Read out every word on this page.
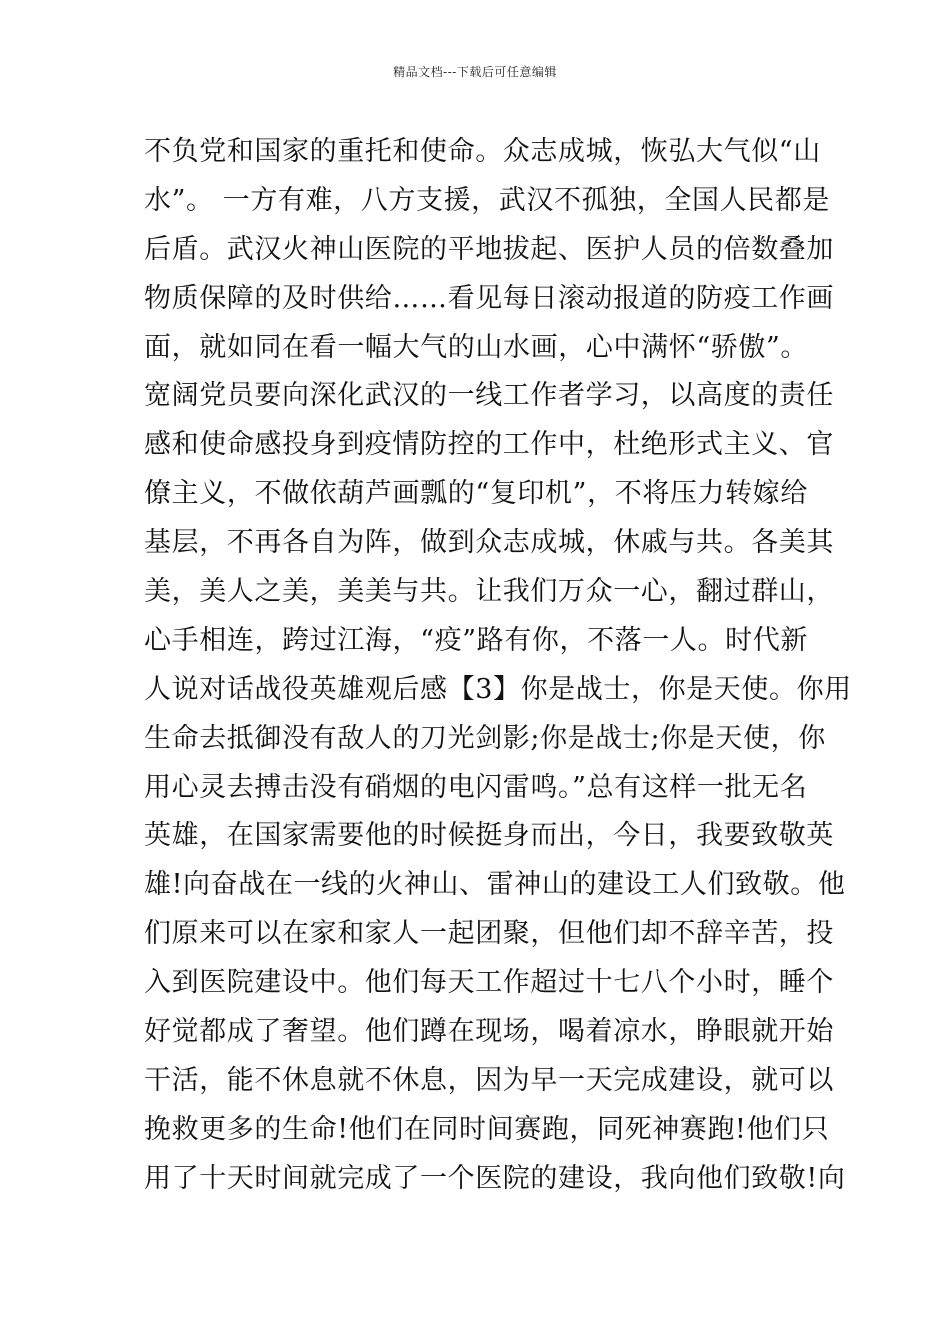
精品文档---下载后可任意编辑
不负党和国家的重托和使命。众志成城，恢弘大气似“山
水”。 一方有难，八方支援，武汉不孤独，全国人民都是
后盾。武汉火神山医院的平地拔起、医护人员的倍数叠加
物质保障的及时供给……看见每日滚动报道的防疫工作画
面，就如同在看一幅大气的山水画，心中满怀“骄傲”。
宽阔党员要向深化武汉的一线工作者学习，以高度的责任
感和使命感投身到疫情防控的工作中，杜绝形式主义、官
僚主义，不做依葫芦画瓢的“复印机”，不将压力转嫁给
基层，不再各自为阵，做到众志成城，休戚与共。各美其
美，美人之美，美美与共。让我们万众一心，翻过群山，
心手相连，跨过江海，“疫”路有你，不落一人。时代新
人说对话战役英雄观后感【3】你是战士，你是天使。你用
生命去抵御没有敌人的刀光剑影;你是战士;你是天使，你
用心灵去搏击没有硝烟的电闪雷鸣。”总有这样一批无名
英雄，在国家需要他的时候挺身而出，今日，我要致敬英
雄!向奋战在一线的火神山、雷神山的建设工人们致敬。他
们原来可以在家和家人一起团聚，但他们却不辞辛苦，投
入到医院建设中。他们每天工作超过十七八个小时，睡个
好觉都成了奢望。他们蹲在现场，喝着凉水，睁眼就开始
干活，能不休息就不休息，因为早一天完成建设，就可以
挽救更多的生命!他们在同时间赛跑，同死神赛跑!他们只
用了十天时间就完成了一个医院的建设，我向他们致敬!向
